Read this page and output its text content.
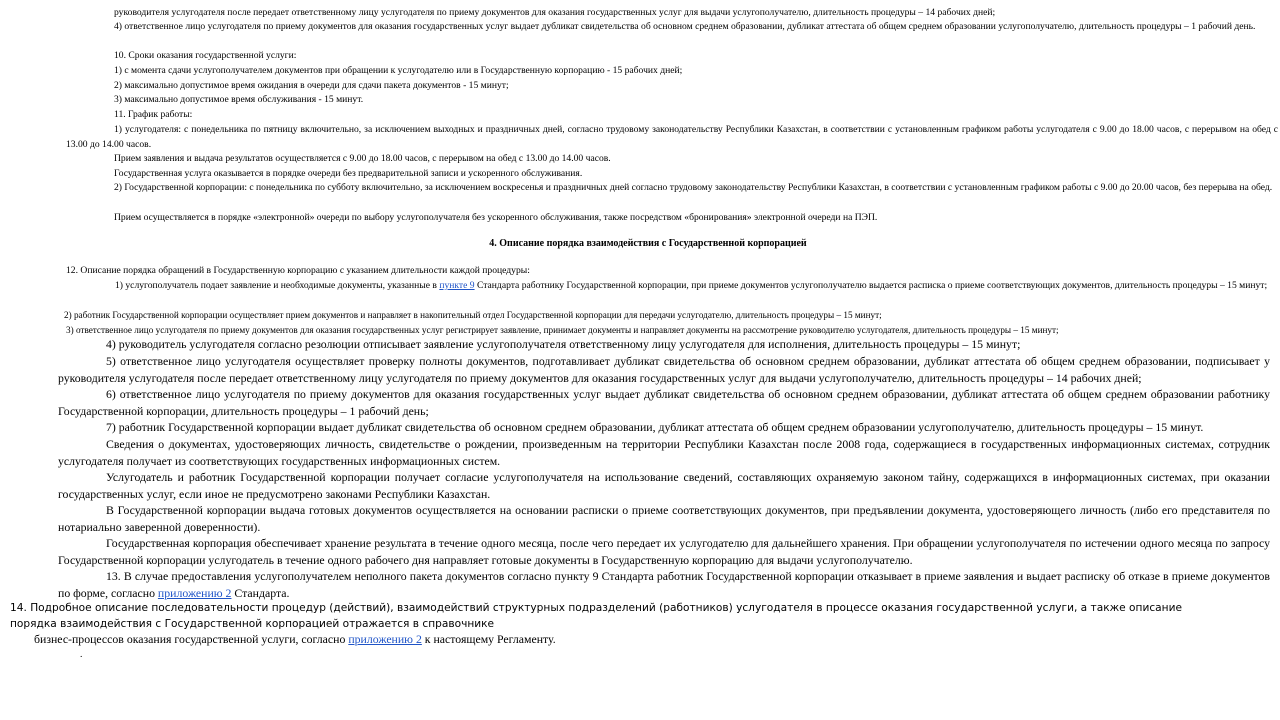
руководителя услугодателя после передает ответственному лицу услугодателя по приему документов для оказания государственных услуг для выдачи услугополучателю, длительность процедуры – 14 рабочих дней;

4) ответственное лицо услугодателя по приему документов для оказания государственных услуг выдает дубликат свидетельства об основном среднем образовании, дубликат аттестата об общем среднем образовании услугополучателю, длительность процедуры – 1 рабочий день.

10. Сроки оказания государственной услуги:

1) с момента сдачи услугополучателем документов при обращении к услугодателю или в Государственную корпорацию - 15 рабочих дней;

2) максимально допустимое время ожидания в очереди для сдачи пакета документов - 15 минут;

3) максимально допустимое время обслуживания - 15 минут.

11. График работы:

1) услугодателя: с понедельника по пятницу включительно, за исключением выходных и праздничных дней, согласно трудовому законодательству Республики Казахстан, в соответствии с установленным графиком работы услугодателя с 9.00 до 18.00 часов, с перерывом на обед с 13.00 до 14.00 часов.

Прием заявления и выдача результатов осуществляется с 9.00 до 18.00 часов, с перерывом на обед с 13.00 до 14.00 часов.

Государственная услуга оказывается в порядке очереди без предварительной записи и ускоренного обслуживания.

2) Государственной корпорации: с понедельника по субботу включительно, за исключением воскресенья и праздничных дней согласно трудовому законодательству Республики Казахстан, в соответствии с установленным графиком работы с 9.00 до 20.00 часов, без перерыва на обед.

Прием осуществляется в порядке «электронной» очереди по выбору услугополучателя без ускоренного обслуживания, также посредством «бронирования» электронной очереди на ПЭП.

4. Описание порядка взаимодействия с Государственной корпорацией

12. Описание порядка обращений в Государственную корпорацию с указанием длительности каждой процедуры:

1) услугополучатель подает заявление и необходимые документы, указанные в пункте 9 Стандарта работнику Государственной корпорации, при приеме документов услугополучателю выдается расписка о приеме соответствующих документов, длительность процедуры – 15 минут;

2) работник Государственной корпорации осуществляет прием документов и направляет в накопительный отдел Государственной корпорации для передачи услугодателю, длительность процедуры – 15 минут;

3) ответственное лицо услугодателя по приему документов для оказания государственных услуг регистрирует заявление, принимает документы и направляет документы на рассмотрение руководителю услугодателя, длительность процедуры – 15 минут;

4) руководитель услугодателя согласно резолюции отписывает заявление услугополучателя ответственному лицу услугодателя для исполнения, длительность процедуры – 15 минут;

5) ответственное лицо услугодателя осуществляет проверку полноты документов, подготавливает дубликат свидетельства об основном среднем образовании, дубликат аттестата об общем среднем образовании, подписывает у руководителя услугодателя после передает ответственному лицу услугодателя по приему документов для оказания государственных услуг для выдачи услугополучателю, длительность процедуры – 14 рабочих дней;

6) ответственное лицо услугодателя по приему документов для оказания государственных услуг выдает дубликат свидетельства об основном среднем образовании, дубликат аттестата об общем среднем образовании работнику Государственной корпорации, длительность процедуры – 1 рабочий день;

7) работник Государственной корпорации выдает дубликат свидетельства об основном среднем образовании, дубликат аттестата об общем среднем образовании услугополучателю, длительность процедуры – 15 минут.

Сведения о документах, удостоверяющих личность, свидетельстве о рождении, произведенным на территории Республики Казахстан после 2008 года, содержащиеся в государственных информационных системах, сотрудник услугодателя получает из соответствующих государственных информационных систем.

Услугодатель и работник Государственной корпорации получает согласие услугополучателя на использование сведений, составляющих охраняемую законом тайну, содержащихся в информационных системах, при оказании государственных услуг, если иное не предусмотрено законами Республики Казахстан.

В Государственной корпорации выдача готовых документов осуществляется на основании расписки о приеме соответствующих документов, при предъявлении документа, удостоверяющего личность (либо его представителя по нотариально заверенной доверенности).

Государственная корпорация обеспечивает хранение результата в течение одного месяца, после чего передает их услугодателю для дальнейшего хранения. При обращении услугополучателя по истечении одного месяца по запросу Государственной корпорации услугодатель в течение одного рабочего дня направляет готовые документы в Государственную корпорацию для выдачи услугополучателю.

13. В случае предоставления услугополучателем неполного пакета документов согласно пункту 9 Стандарта работник Государственной корпорации отказывает в приеме заявления и выдает расписку об отказе в приеме документов по форме, согласно приложению 2 Стандарта.

14. Подробное описание последовательности процедур (действий), взаимодействий структурных подразделений (работников) услугодателя в процессе оказания государственной услуги, а также описание порядка взаимодействия с Государственной корпорацией отражается в справочнике

бизнес-процессов оказания государственной услуги, согласно приложению 2 к настоящему Регламенту.

.
